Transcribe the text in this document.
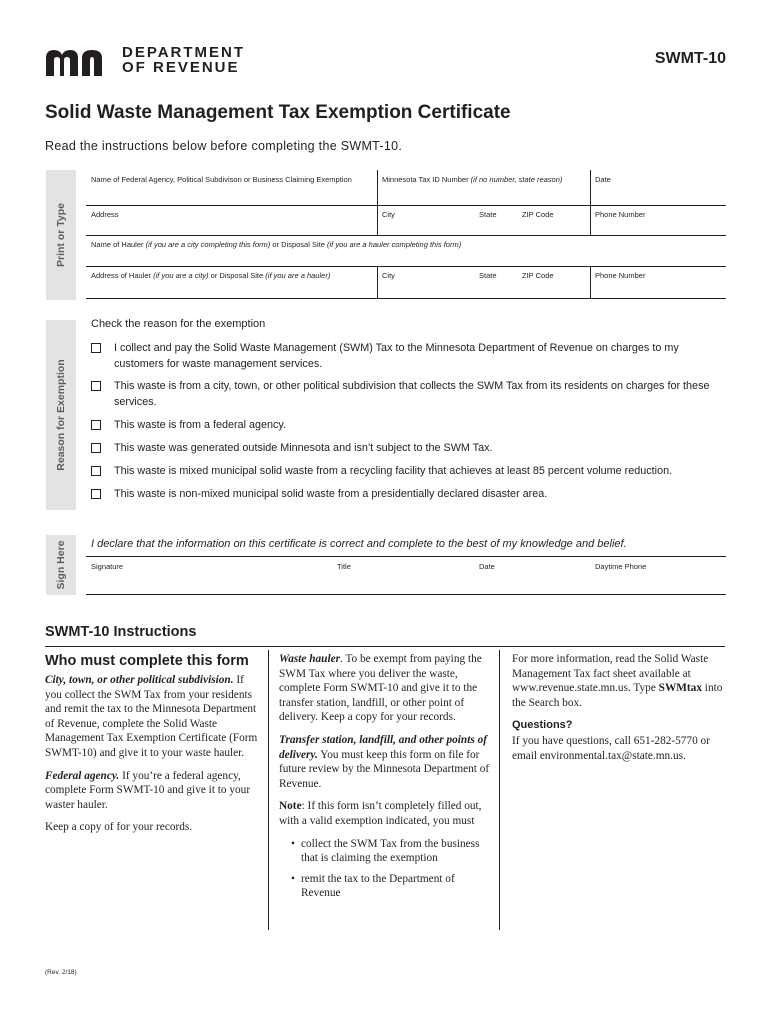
DEPARTMENT
OF REVENUE
SWMT-10
Solid Waste Management Tax Exemption Certificate
Read the instructions below before completing the SWMT-10.
Print or Type
Reason for Exemption
Sign Here
Name of Federal Agency, Political Subdivison or Business Claiming Exemption	Minnesota Tax ID Number (if no number, state reason)	Date
Address	City	State	ZIP Code	Phone Number
Name of Hauler (if you are a city completing this form) or Disposal Site (if you are a hauler completing this form)
Address of Hauler (if you are a city) or Disposal Site (if you are a hauler)	City	State	ZIP Code	Phone Number
Check the reason for the exemption
I collect and pay the Solid Waste Management (SWM) Tax to the Minnesota Department of Revenue on charges to my customers for waste management services.
This waste is from a city, town, or other political subdivision that collects the SWM Tax from its residents on charges for these services.
This waste is from a federal agency.
This waste was generated outside Minnesota and isn’t subject to the SWM Tax.
This waste is mixed municipal solid waste from a recycling facility that achieves at least 85 percent volume reduction.
This waste is non-mixed municipal solid waste from a presidentially declared disaster area.
I declare that the information on this certificate is correct and complete to the best of my knowledge and belief.
Signature	Title	Date	Daytime Phone
SWMT-10 Instructions
Who must complete this form

City, town, or other political subdivision. If you collect the SWM Tax from your residents and remit the tax to the Minnesota Department of Revenue, complete the Solid Waste Management Tax Exemption Certificate (Form SWMT-10) and give it to your waste hauler.

Federal agency. If you’re a federal agency, complete Form SWMT-10 and give it to your waster hauler.

Keep a copy of for your records.

Waste hauler. To be exempt from paying the SWM Tax where you deliver the waste, complete Form SWMT-10 and give it to the transfer station, landfill, or other point of delivery. Keep a copy for your records.

Transfer station, landfill, and other points of delivery. You must keep this form on file for future review by the Minnesota Department of Revenue.

Note: If this form isn’t completely filled out, with a valid exemption indicated, you must

• collect the SWM Tax from the business that is claiming the exemption
• remit the tax to the Department of Revenue

For more information, read the Solid Waste Management Tax fact sheet available at www.revenue.state.mn.us. Type SWMtax into the Search box.

Questions?

If you have questions, call 651-282-5770 or email environmental.tax@state.mn.us.

(Rev. 2/18)
